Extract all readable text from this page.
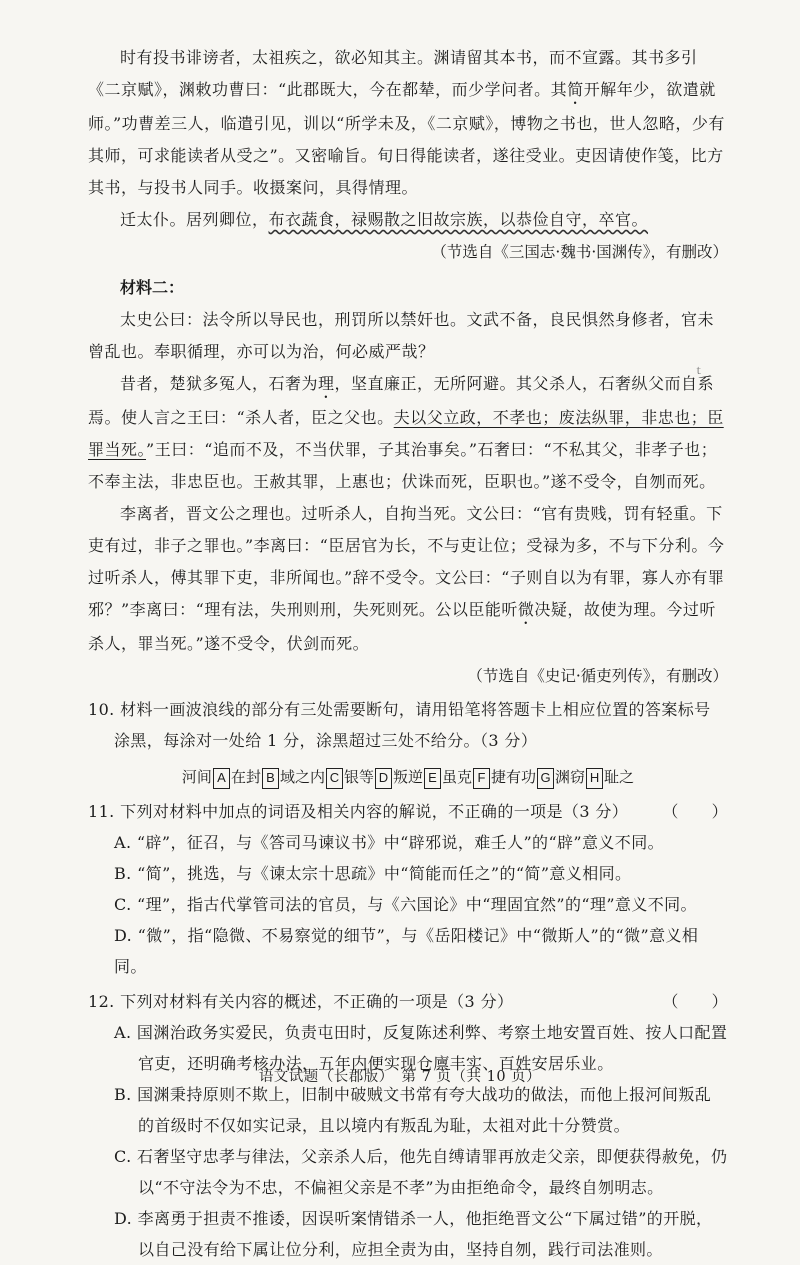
时有投书诽谤者，太祖疾之，欲必知其主。渊请留其本书，而不宣露。其书多引《二京赋》，渊敕功曹曰：“此郡既大，今在都辇，而少学问者。其简开解年少，欲遣就师。”功曹差三人，临遣引见，训以“所学未及，《二京赋》，博物之书也，世人忽略，少有其师，可求能读者从受之”。又密喻旨。旬日得能读者，遂往受业。吏因请使作笺，比方其书，与投书人同手。收摄案问，具得情理。

迁太仆。居列卿位，布衣蔬食，禄赐散之旧故宗族，以恭俭自守，卒官。

（节选自《三国志·魏书·国渊传》，有删改）

材料二：

太史公曰：法令所以导民也，刑罚所以禁奸也。文武不备，良民惧然身修者，官未曾乱也。奉职循理，亦可以为治，何必威严哉？

昔者，楚狱多冤人，石奢为理，坚直廉正，无所阿避。其父杀人，石奢纵父而自系焉。使人言之王曰：“杀人者，臣之父也。夫以父立政，不孝也；废法纵罪，非忠也；臣罪当死。”王曰：“追而不及，不当伏罪，子其治事矣。”石奢曰：“不私其父，非孝子也；不奉主法，非忠臣也。王赦其罪，上惠也；伏诛而死，臣职也。”遂不受令，自刎而死。

李离者，晋文公之理也。过听杀人，自拘当死。文公曰：“官有贵贱，罚有轻重。下吏有过，非子之罪也。”李离曰：“臣居官为长，不与吏让位；受禄为多，不与下分利。今过听杀人，傅其罪下吏，非所闻也。”辞不受令。文公曰：“子则自以为有罪，寡人亦有罪邪？”李离曰：“理有法，失刑则刑，失死则死。公以臣能听微决疑，故使为理。今过听杀人，罪当死。”遂不受令，伏剑而死。

（节选自《史记·循吏列传》，有删改）

10. 材料一画波浪线的部分有三处需要断句，请用铅笔将答题卡上相应位置的答案标号
涂黑，每涂对一处给 1 分，涂黑超过三处不给分。（3 分）
河间 A 在封 B 域之内 C 银等 D 叛逆 E 虽克 F 捷有功 G 渊窃 H 耻之
11. 下列对材料中加点的词语及相关内容的解说，不正确的一项是（3 分） （　　）
A. “辟”，征召，与《答司马谏议书》中“辟邪说，难壬人”的“辟”意义不同。
B. “简”，挑选，与《谏太宗十思疏》中“简能而任之”的“简”意义相同。
C. “理”，指古代掌管司法的官员，与《六国论》中“理固宜然”的“理”意义不同。
D. “微”，指“隐微、不易察觉的细节”，与《岳阳楼记》中“微斯人”的“微”意义相同。
12. 下列对材料有关内容的概述，不正确的一项是（3 分）	（　　）
A. 国渊治政务实爱民，负责屯田时，反复陈述利弊、考察土地安置百姓、按人口配置
官吏，还明确考核办法，五年内便实现仓廪丰实、百姓安居乐业。
B. 国渊秉持原则不欺上，旧制中破贼文书常有夸大战功的做法，而他上报河间叛乱
的首级时不仅如实记录，且以境内有叛乱为耻，太祖对此十分赞赏。
C. 石奢坚守忠孝与律法，父亲杀人后，他先自缚请罪再放走父亲，即便获得赦免，仍
以“不守法令为不忠，不偏袒父亲是不孝”为由拒绝命令，最终自刎明志。
D. 李离勇于担责不推诿，因误听案情错杀一人，他拒绝晋文公“下属过错”的开脱，
以自己没有给下属让位分利，应担全责为由，坚持自刎，践行司法准则。
ｔ
语文试题（长郡版）　第 7 页（共 10 页）
